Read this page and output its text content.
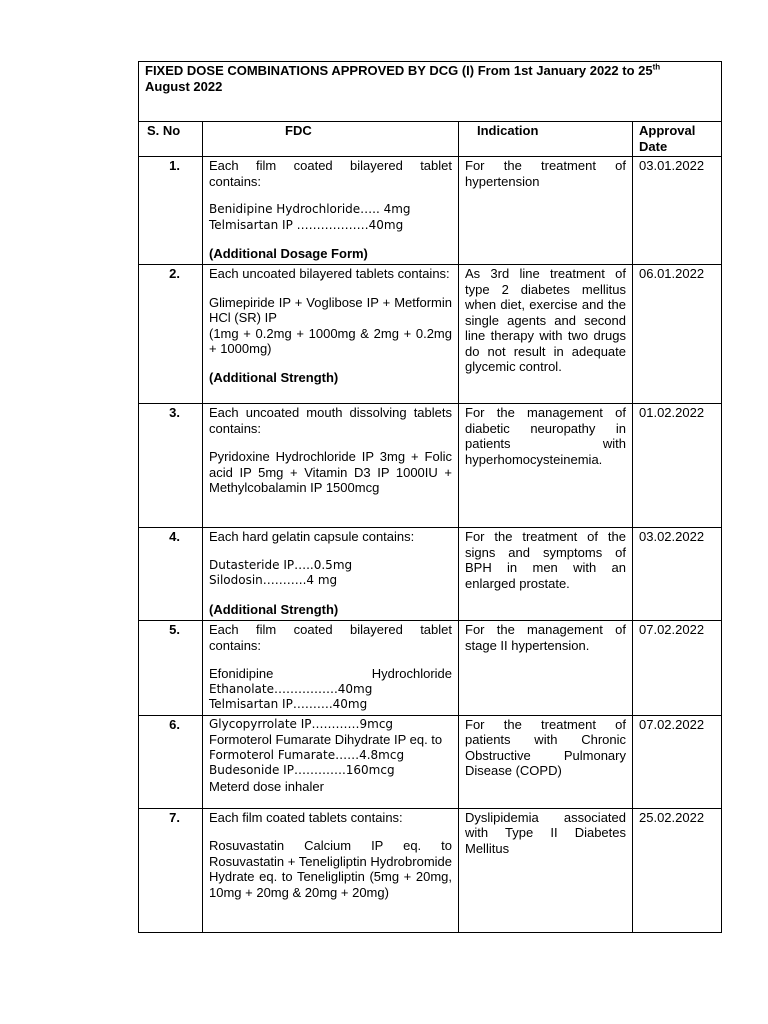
FIXED DOSE COMBINATIONS APPROVED BY DCG (I) From 1st January 2022 to 25th
August 2022			
S. No	FDC	Indication	Approval Date
1.	Each film coated bilayered tablet contains:
Benidipine Hydrochloride….. 4mg
Telmisartan IP ………………40mg
(Additional Dosage Form)	For the treatment of hypertension	03.01.2022
2.	Each uncoated bilayered tablets contains:
Glimepiride IP + Voglibose IP + Metformin HCl (SR) IP
(1mg + 0.2mg + 1000mg & 2mg + 0.2mg + 1000mg)
(Additional Strength)	As 3rd line treatment of type 2 diabetes mellitus when diet, exercise and the single agents and second line therapy with two drugs do not result in adequate glycemic control.	06.01.2022
3.	Each uncoated mouth dissolving tablets contains:
Pyridoxine Hydrochloride IP 3mg + Folic acid IP 5mg + Vitamin D3 IP 1000IU + Methylcobalamin IP 1500mcg	For the management of diabetic neuropathy in patients with hyperhomocysteinemia.	01.02.2022
4.	Each hard gelatin capsule contains:
Dutasteride IP…..0.5mg
Silodosin………..4 mg
(Additional Strength)	For the treatment of the signs and symptoms of BPH in men with an enlarged prostate.	03.02.2022
5.	Each film coated bilayered tablet contains:
Efonidipine Hydrochloride
Ethanolate…………….40mg
Telmisartan IP……….40mg	For the management of stage II hypertension.	07.02.2022
6.	Glycopyrrolate IP…………9mcg
Formoterol Fumarate Dihydrate IP eq. to
Formoterol Fumarate……4.8mcg
Budesonide IP………….160mcg
Meterd dose inhaler	For the treatment of patients with Chronic Obstructive Pulmonary Disease (COPD)	07.02.2022
7.	Each film coated tablets contains:
Rosuvastatin Calcium IP eq. to Rosuvastatin + Teneligliptin Hydrobromide Hydrate eq. to Teneligliptin (5mg + 20mg, 10mg + 20mg & 20mg + 20mg)	Dyslipidemia associated with Type II Diabetes Mellitus	25.02.2022
